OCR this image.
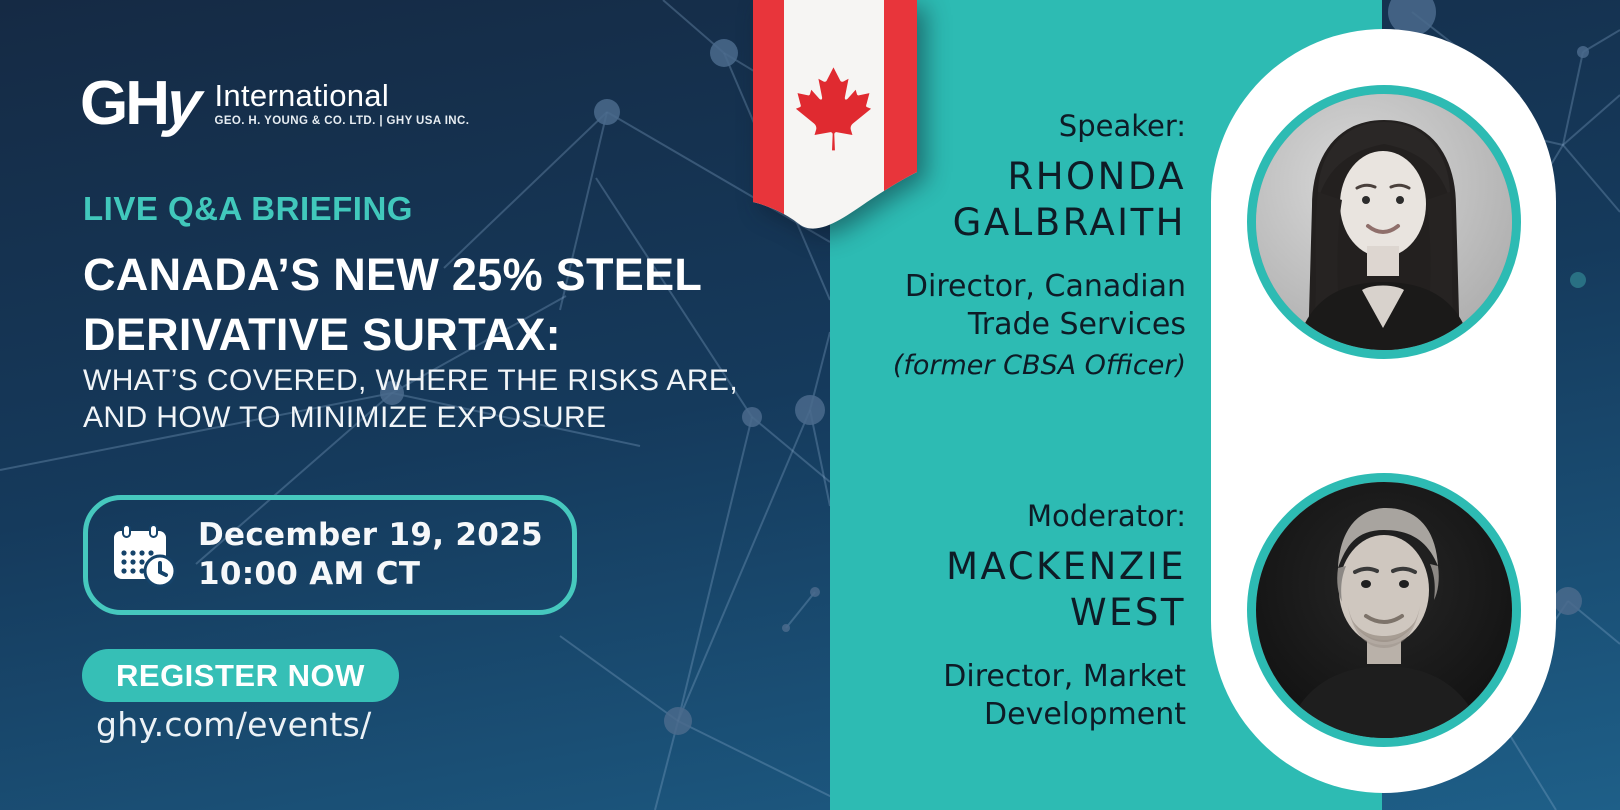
GHy International
GEO. H. YOUNG & CO. LTD. | GHY USA INC.
LIVE Q&A BRIEFING
CANADA’S NEW 25% STEEL
DERIVATIVE SURTAX:
WHAT’S COVERED, WHERE THE RISKS ARE,
AND HOW TO MINIMIZE EXPOSURE
December 19, 2025
10:00 AM CT
REGISTER NOW
ghy.com/events/
Speaker:
RHONDA
GALBRAITH
Director, Canadian
Trade Services
(former CBSA Officer)
Moderator:
MACKENZIE
WEST
Director, Market
Development
